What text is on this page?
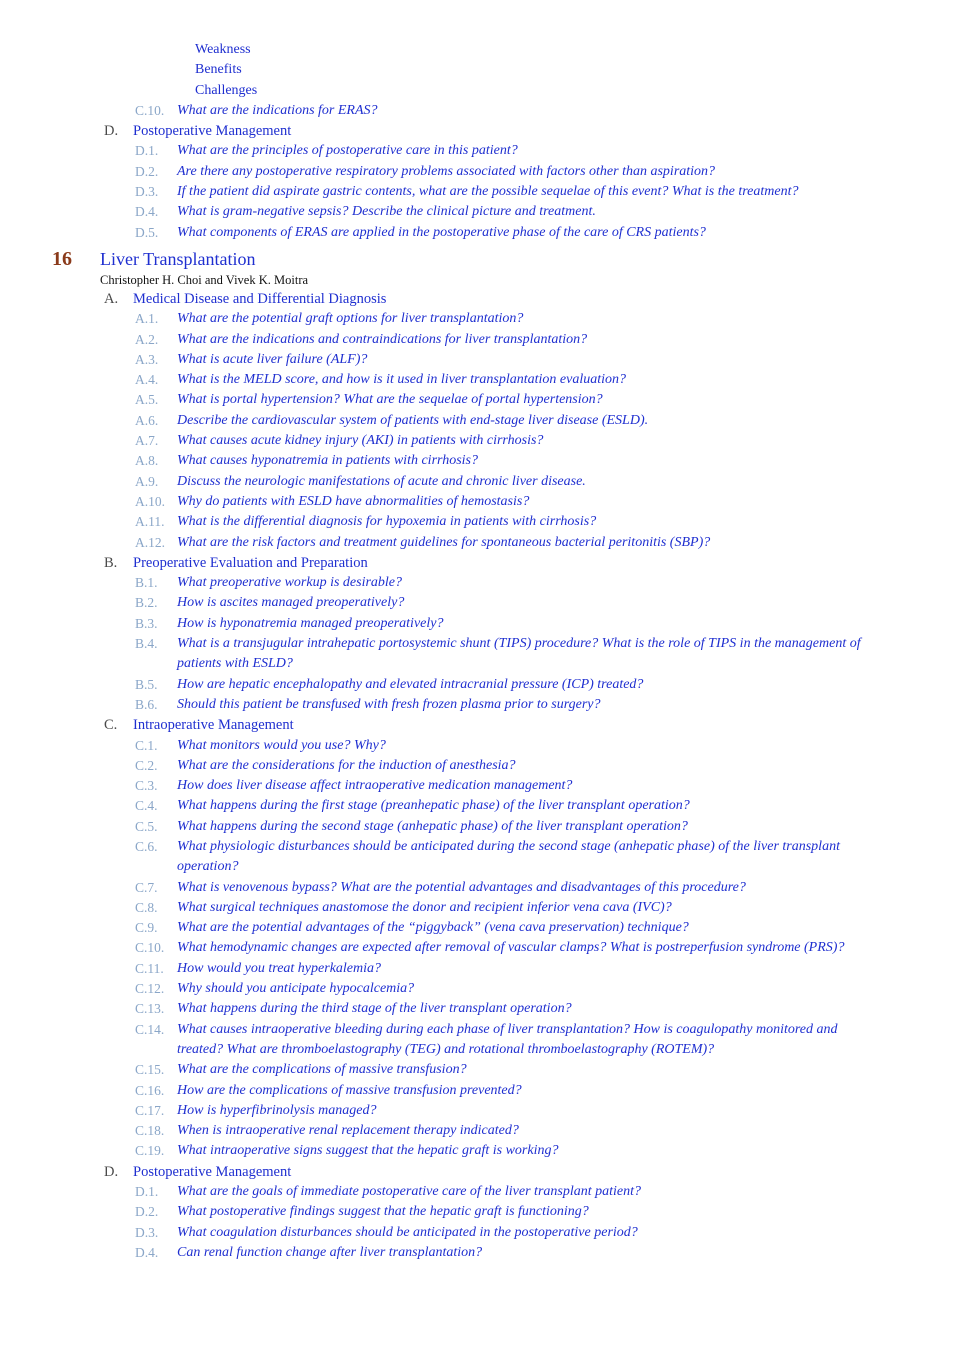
Weakness
Benefits
Challenges
C.10. What are the indications for ERAS?
D. Postoperative Management
D.1. What are the principles of postoperative care in this patient?
D.2. Are there any postoperative respiratory problems associated with factors other than aspiration?
D.3. If the patient did aspirate gastric contents, what are the possible sequelae of this event? What is the treatment?
D.4. What is gram-negative sepsis? Describe the clinical picture and treatment.
D.5. What components of ERAS are applied in the postoperative phase of the care of CRS patients?
16 Liver Transplantation
Christopher H. Choi and Vivek K. Moitra
A. Medical Disease and Differential Diagnosis
A.1. What are the potential graft options for liver transplantation?
A.2. What are the indications and contraindications for liver transplantation?
A.3. What is acute liver failure (ALF)?
A.4. What is the MELD score, and how is it used in liver transplantation evaluation?
A.5. What is portal hypertension? What are the sequelae of portal hypertension?
A.6. Describe the cardiovascular system of patients with end-stage liver disease (ESLD).
A.7. What causes acute kidney injury (AKI) in patients with cirrhosis?
A.8. What causes hyponatremia in patients with cirrhosis?
A.9. Discuss the neurologic manifestations of acute and chronic liver disease.
A.10. Why do patients with ESLD have abnormalities of hemostasis?
A.11. What is the differential diagnosis for hypoxemia in patients with cirrhosis?
A.12. What are the risk factors and treatment guidelines for spontaneous bacterial peritonitis (SBP)?
B. Preoperative Evaluation and Preparation
B.1. What preoperative workup is desirable?
B.2. How is ascites managed preoperatively?
B.3. How is hyponatremia managed preoperatively?
B.4. What is a transjugular intrahepatic portosystemic shunt (TIPS) procedure? What is the role of TIPS in the management of patients with ESLD?
B.5. How are hepatic encephalopathy and elevated intracranial pressure (ICP) treated?
B.6. Should this patient be transfused with fresh frozen plasma prior to surgery?
C. Intraoperative Management
C.1. What monitors would you use? Why?
C.2. What are the considerations for the induction of anesthesia?
C.3. How does liver disease affect intraoperative medication management?
C.4. What happens during the first stage (preanhepatic phase) of the liver transplant operation?
C.5. What happens during the second stage (anhepatic phase) of the liver transplant operation?
C.6. What physiologic disturbances should be anticipated during the second stage (anhepatic phase) of the liver transplant operation?
C.7. What is venovenous bypass? What are the potential advantages and disadvantages of this procedure?
C.8. What surgical techniques anastomose the donor and recipient inferior vena cava (IVC)?
C.9. What are the potential advantages of the “piggyback” (vena cava preservation) technique?
C.10. What hemodynamic changes are expected after removal of vascular clamps? What is postreperfusion syndrome (PRS)?
C.11. How would you treat hyperkalemia?
C.12. Why should you anticipate hypocalcemia?
C.13. What happens during the third stage of the liver transplant operation?
C.14. What causes intraoperative bleeding during each phase of liver transplantation? How is coagulopathy monitored and treated? What are thromboelastography (TEG) and rotational thromboelastography (ROTEM)?
C.15. What are the complications of massive transfusion?
C.16. How are the complications of massive transfusion prevented?
C.17. How is hyperfibrinolysis managed?
C.18. When is intraoperative renal replacement therapy indicated?
C.19. What intraoperative signs suggest that the hepatic graft is working?
D. Postoperative Management
D.1. What are the goals of immediate postoperative care of the liver transplant patient?
D.2. What postoperative findings suggest that the hepatic graft is functioning?
D.3. What coagulation disturbances should be anticipated in the postoperative period?
D.4. Can renal function change after liver transplantation?
